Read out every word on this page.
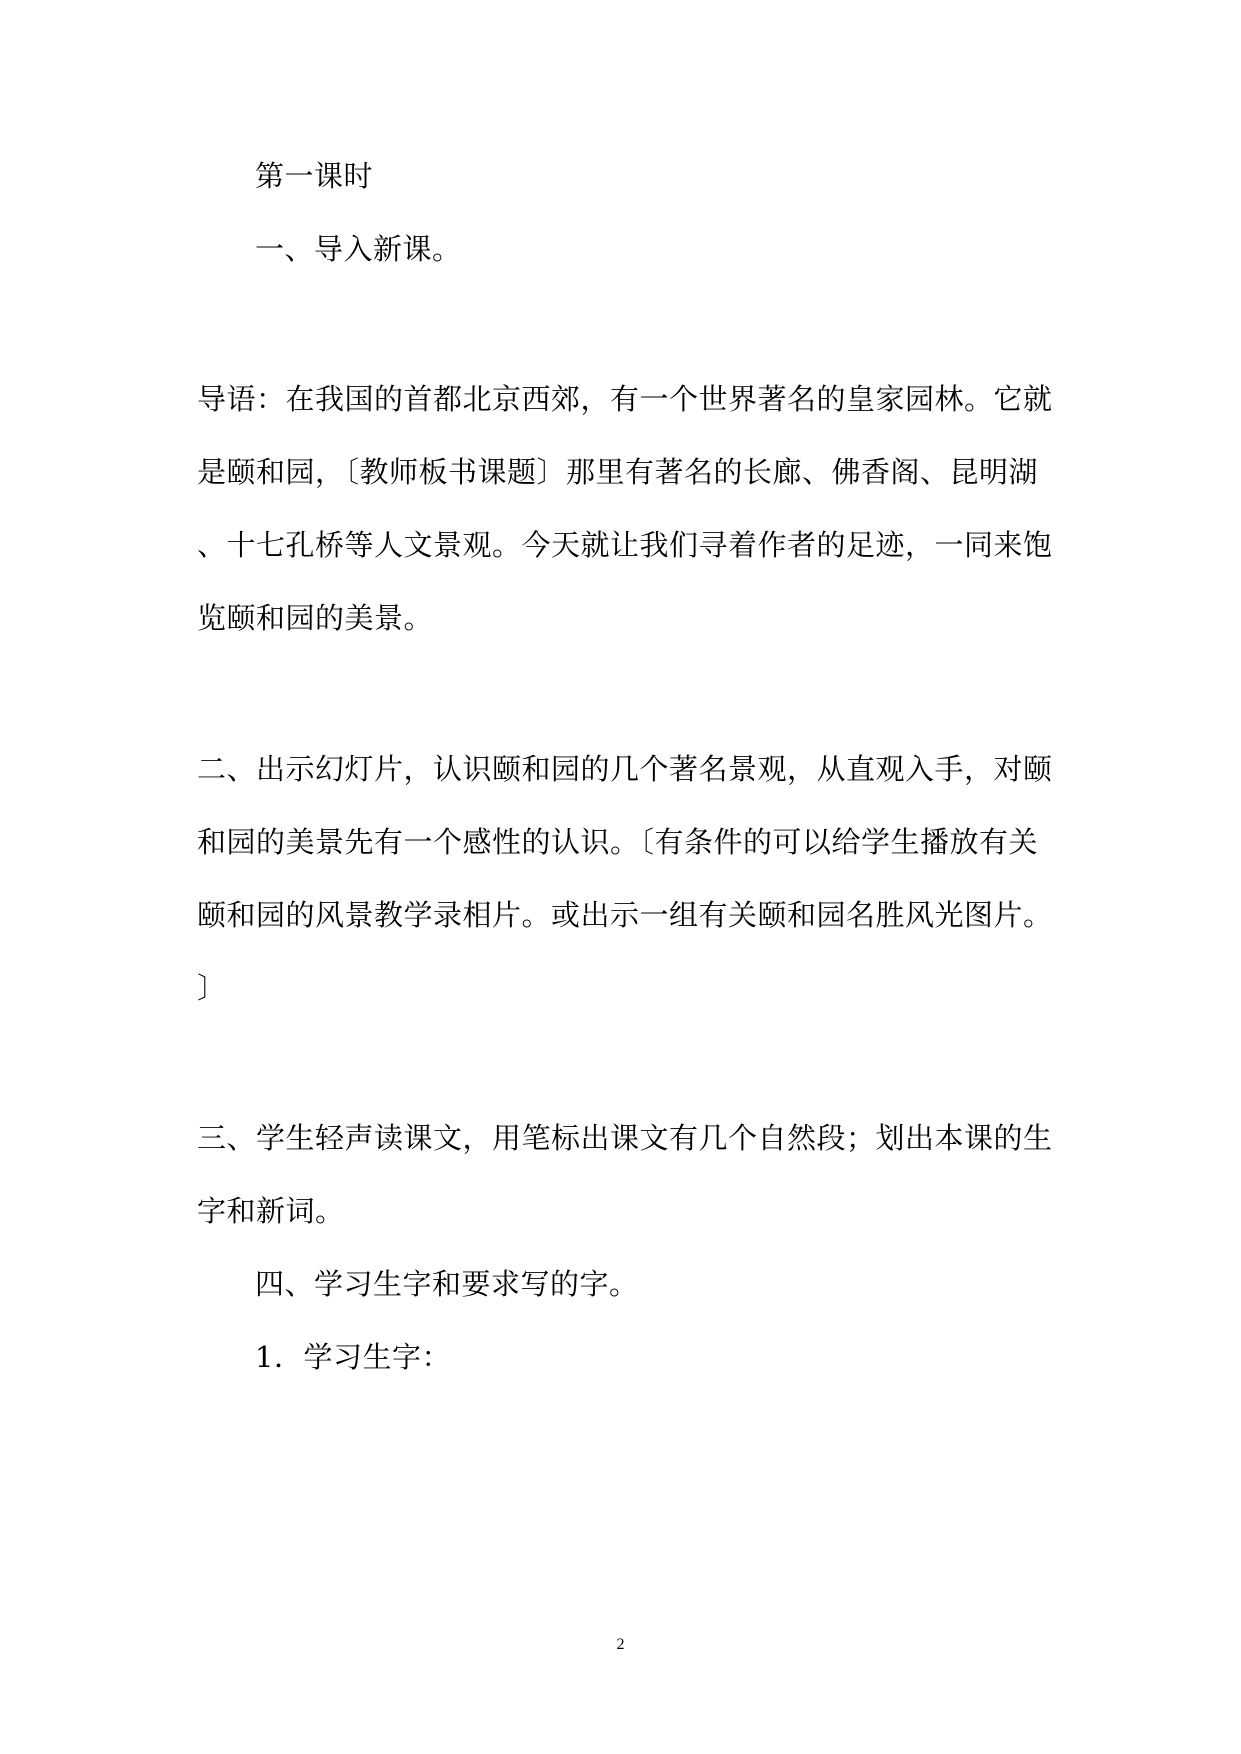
第一课时
一、导入新课。
导语：在我国的首都北京西郊，有一个世界著名的皇家园林。它就
是颐和园，〔教师板书课题〕那里有著名的长廊、佛香阁、昆明湖
、十七孔桥等人文景观。今天就让我们寻着作者的足迹，一同来饱
览颐和园的美景。
二、出示幻灯片，认识颐和园的几个著名景观，从直观入手，对颐
和园的美景先有一个感性的认识。〔有条件的可以给学生播放有关
颐和园的风景教学录相片。或出示一组有关颐和园名胜风光图片。
〕
三、学生轻声读课文，用笔标出课文有几个自然段；划出本课的生
字和新词。
四、学习生字和要求写的字。
1．学习生字：
2
